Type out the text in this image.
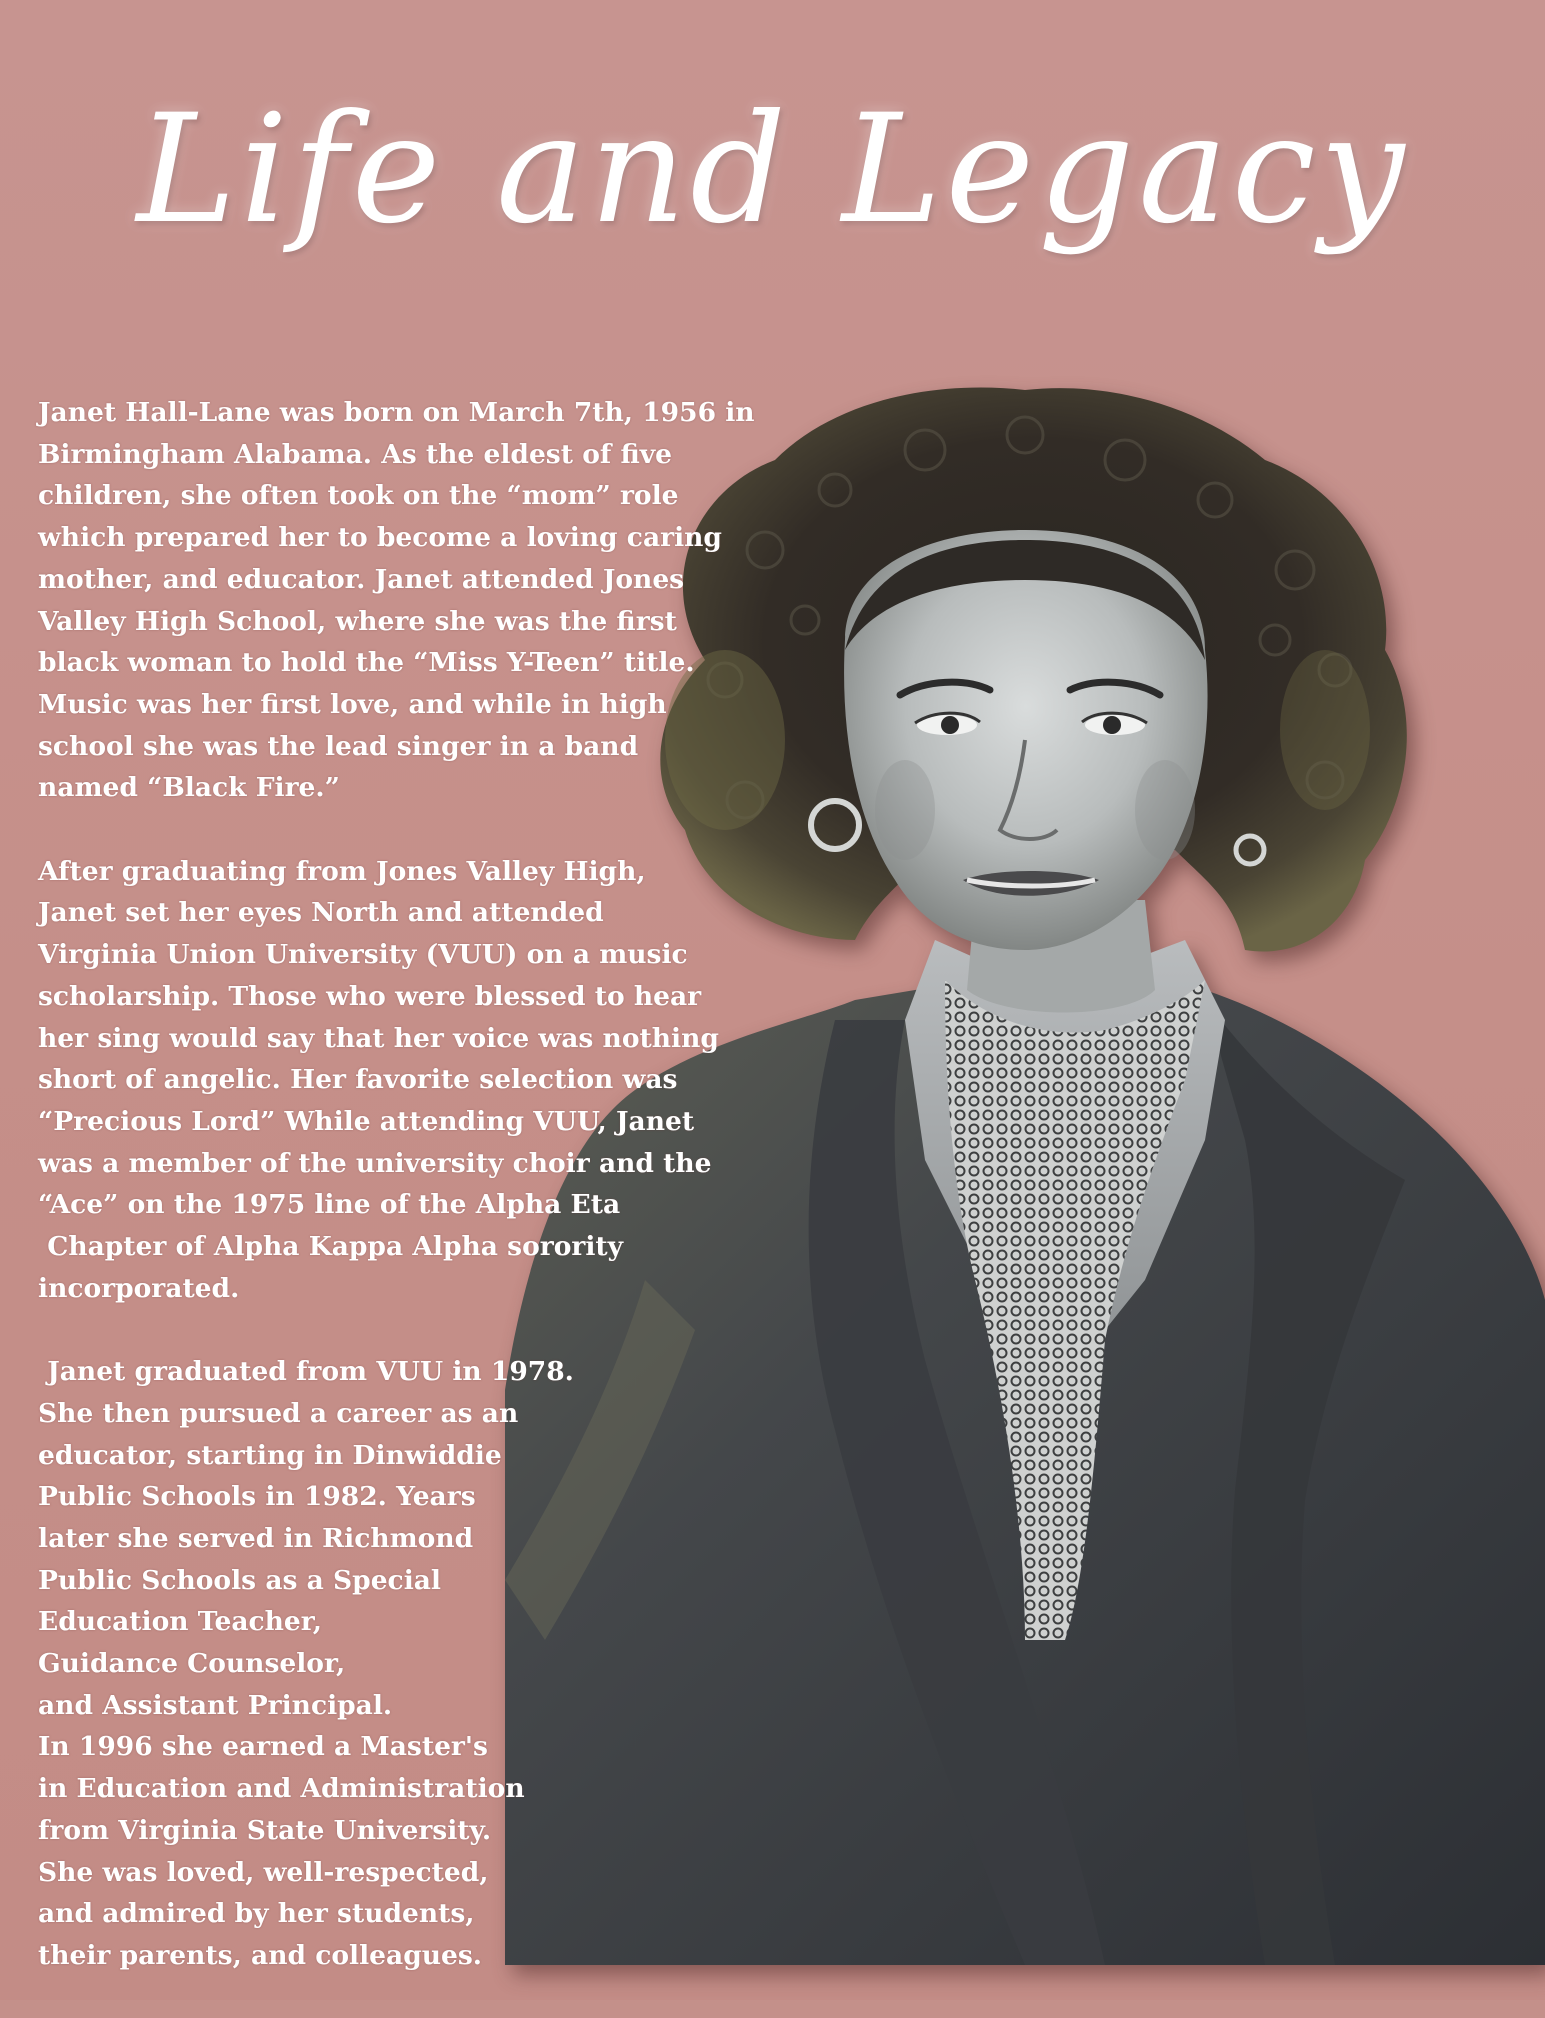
Life and Legacy
Janet Hall-Lane was born on March 7th, 1956 in
Birmingham Alabama. As the eldest of five
children, she often took on the “mom” role
which prepared her to become a loving caring
mother, and educator. Janet attended Jones
Valley High School, where she was the first
black woman to hold the “Miss Y-Teen” title.
Music was her first love, and while in high
school she was the lead singer in a band
named “Black Fire.”
After graduating from Jones Valley High,
Janet set her eyes North and attended
Virginia Union University (VUU) on a music
scholarship. Those who were blessed to hear
her sing would say that her voice was nothing
short of angelic. Her favorite selection was
“Precious Lord” While attending VUU, Janet
was a member of the university choir and the
“Ace” on the 1975 line of the Alpha Eta
Chapter of Alpha Kappa Alpha sorority
incorporated.
Janet graduated from VUU in 1978.
She then pursued a career as an
educator, starting in Dinwiddie
Public Schools in 1982. Years
later she served in Richmond
Public Schools as a Special
Education Teacher,
Guidance Counselor,
and Assistant Principal.
In 1996 she earned a Master's
in Education and Administration
from Virginia State University.
She was loved, well-respected,
and admired by her students,
their parents, and colleagues.
